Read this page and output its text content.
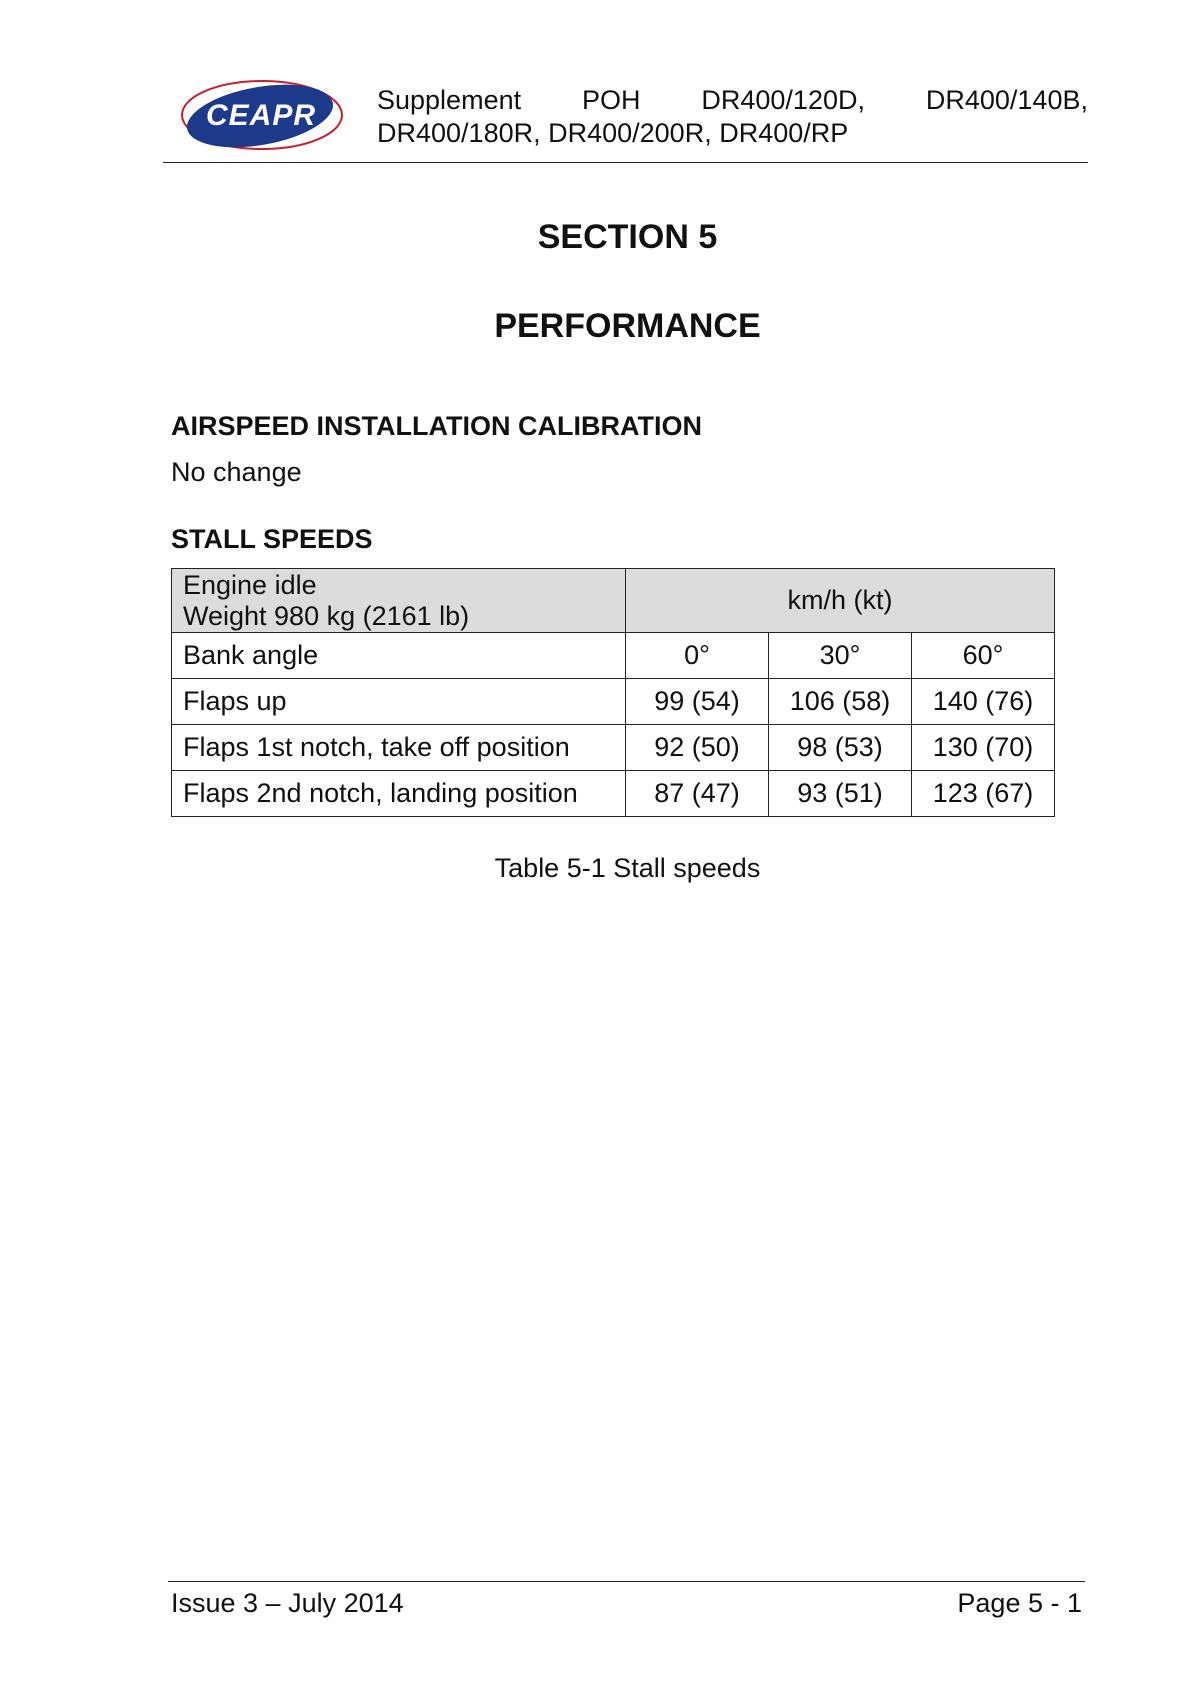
CEAPR Supplement POH DR400/120D, DR400/140B,
DR400/180R, DR400/200R, DR400/RP
SECTION 5
PERFORMANCE
AIRSPEED INSTALLATION CALIBRATION
No change
STALL SPEEDS
Engine idle
Weight 980 kg (2161 lb)	km/h (kt)		
Bank angle	0°	30°	60°
Flaps up	99 (54)	106 (58)	140 (76)
Flaps 1st notch, take off position	92 (50)	98 (53)	130 (70)
Flaps 2nd notch, landing position	87 (47)	93 (51)	123 (67)
Table 5-1 Stall speeds
Issue 3 – July 2014	Page 5 - 1
